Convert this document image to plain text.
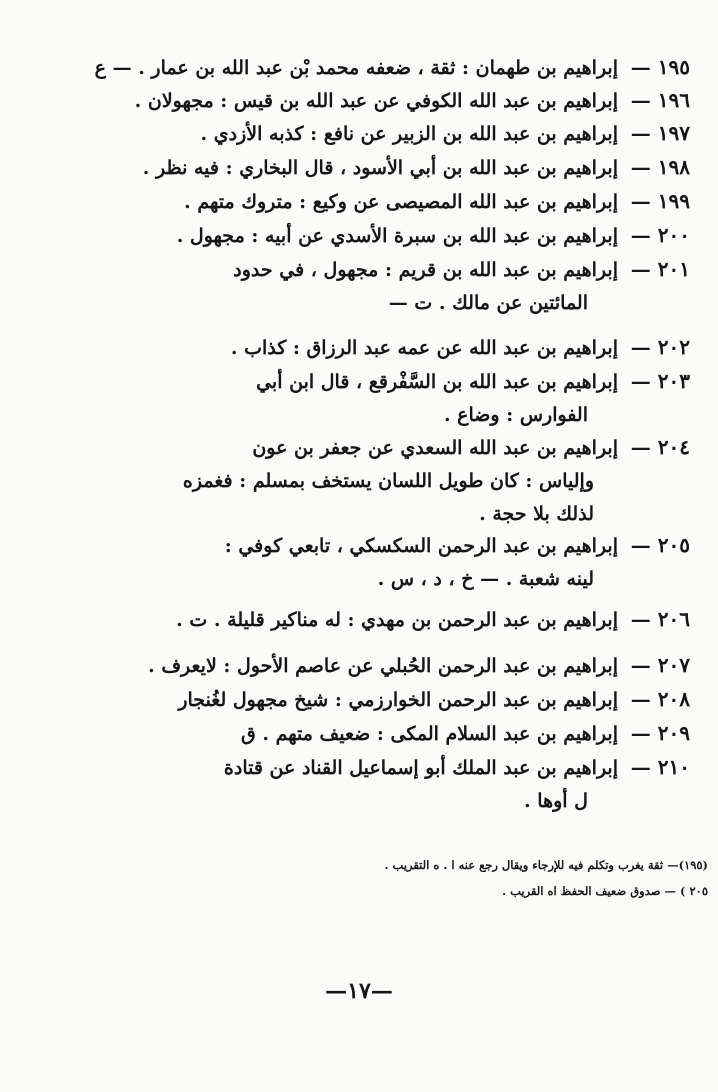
١٩٥ —
إبراهيم بن طهمان : ثقة ، ضعفه محمد بْن عبد الله بن عمار . — ع
١٩٦ —
إبراهيم بن عبد الله الكوفي عن عبد الله بن قيس : مجهولان .
١٩٧ —
إبراهيم بن عبد الله بن الزبير عن نافع : كذبه الأزدي .
١٩٨ —
إبراهيم بن عبد الله بن أبي الأسود ، قال البخاري : فيه نظر .
١٩٩ —
إبراهيم بن عبد الله المصيصى عن وكيع : متروك متهم .
٢٠٠ —
إبراهيم بن عبد الله بن سبرة الأسدي عن أبيه : مجهول .
٢٠١ —
إبراهيم بن عبد الله بن قريم : مجهول ، في حدود
المائتين عن مالك . ت —
٢٠٢ —
إبراهيم بن عبد الله عن عمه عبد الرزاق : كذاب .
٢٠٣ —
إبراهيم بن عبد الله بن السَّفْرقع ، قال ابن أبي
الفوارس : وضاع .
٢٠٤ —
إبراهيم بن عبد الله السعدي عن جعفر بن عون
وإلياس : كان طويل اللسان يستخف بمسلم : فغمزه
لذلك بلا حجة .
٢٠٥ —
إبراهيم بن عبد الرحمن السكسكي ، تابعي كوفي :
لينه شعبة . — خ ، د ، س .
٢٠٦ —
إبراهيم بن عبد الرحمن بن مهدي : له مناكير قليلة . ت .
٢٠٧ —
إبراهيم بن عبد الرحمن الحُبلي عن عاصم الأحول : لايعرف .
٢٠٨ —
إبراهيم بن عبد الرحمن الخوارزمي : شيخ مجهول لغُنجار
٢٠٩ —
إبراهيم بن عبد السلام المكى : ضعيف متهم . ق
٢١٠ —
إبراهيم بن عبد الملك أبو إسماعيل القناد عن قتادة
ل أوها .
(١٩٥)— ثقة يغرب وتكلم فيه للإرجاء ويقال رجع عنه ا . ه التقريب .
٢٠٥ ) — صدوق ضعيف الحفظ اه القريب .
—١٧—
